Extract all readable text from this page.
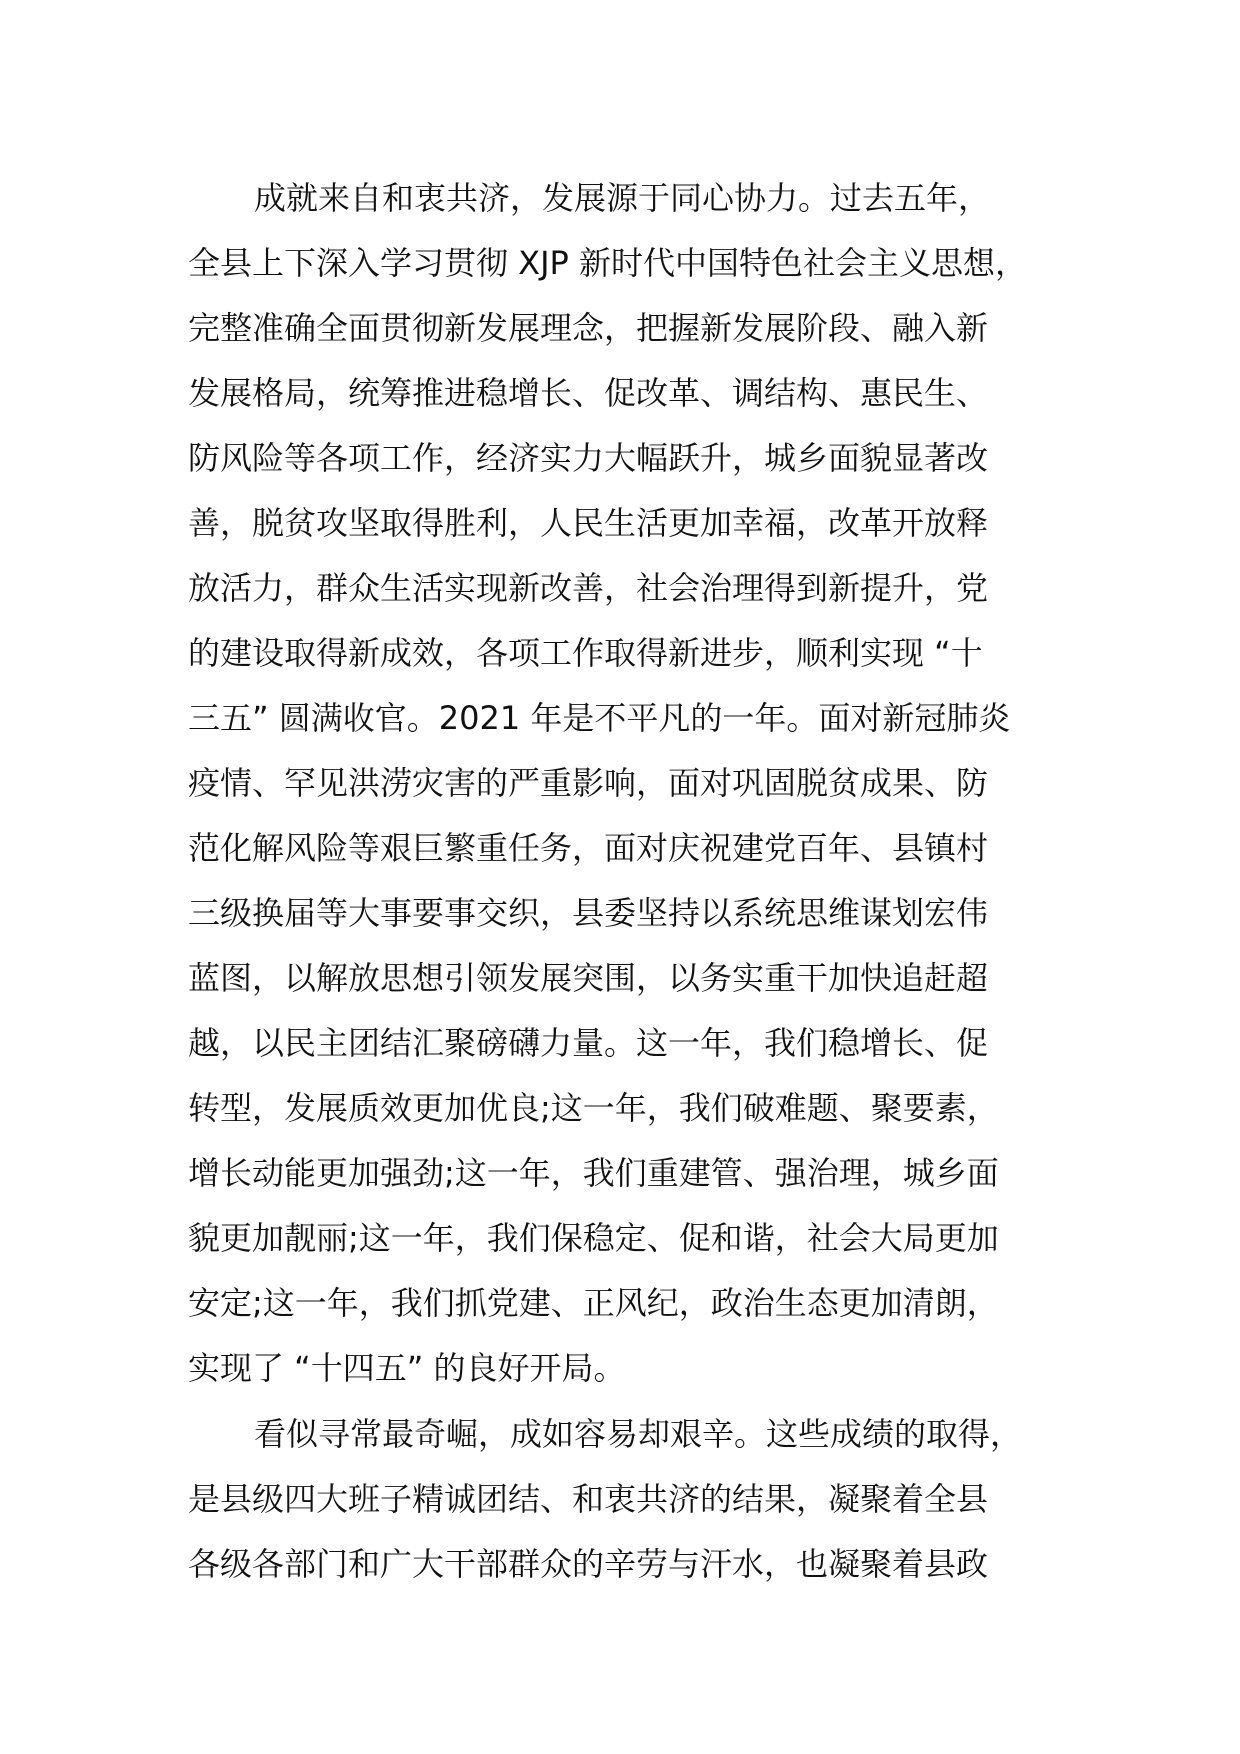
成就来自和衷共济，发展源于同心协力。过去五年，
全县上下深入学习贯彻 XJP 新时代中国特色社会主义思想，
完整准确全面贯彻新发展理念，把握新发展阶段、融入新
发展格局，统筹推进稳增长、促改革、调结构、惠民生、
防风险等各项工作，经济实力大幅跃升，城乡面貌显著改
善，脱贫攻坚取得胜利，人民生活更加幸福，改革开放释
放活力，群众生活实现新改善，社会治理得到新提升，党
的建设取得新成效，各项工作取得新进步，顺利实现 “十
三五” 圆满收官。2021 年是不平凡的一年。面对新冠肺炎
疫情、罕见洪涝灾害的严重影响，面对巩固脱贫成果、防
范化解风险等艰巨繁重任务，面对庆祝建党百年、县镇村
三级换届等大事要事交织，县委坚持以系统思维谋划宏伟
蓝图，以解放思想引领发展突围，以务实重干加快追赶超
越，以民主团结汇聚磅礴力量。这一年，我们稳增长、促
转型，发展质效更加优良;这一年，我们破难题、聚要素，
增长动能更加强劲;这一年，我们重建管、强治理，城乡面
貌更加靓丽;这一年，我们保稳定、促和谐，社会大局更加
安定;这一年，我们抓党建、正风纪，政治生态更加清朗，
实现了 “十四五” 的良好开局。
看似寻常最奇崛，成如容易却艰辛。这些成绩的取得，
是县级四大班子精诚团结、和衷共济的结果，凝聚着全县
各级各部门和广大干部群众的辛劳与汗水，也凝聚着县政
